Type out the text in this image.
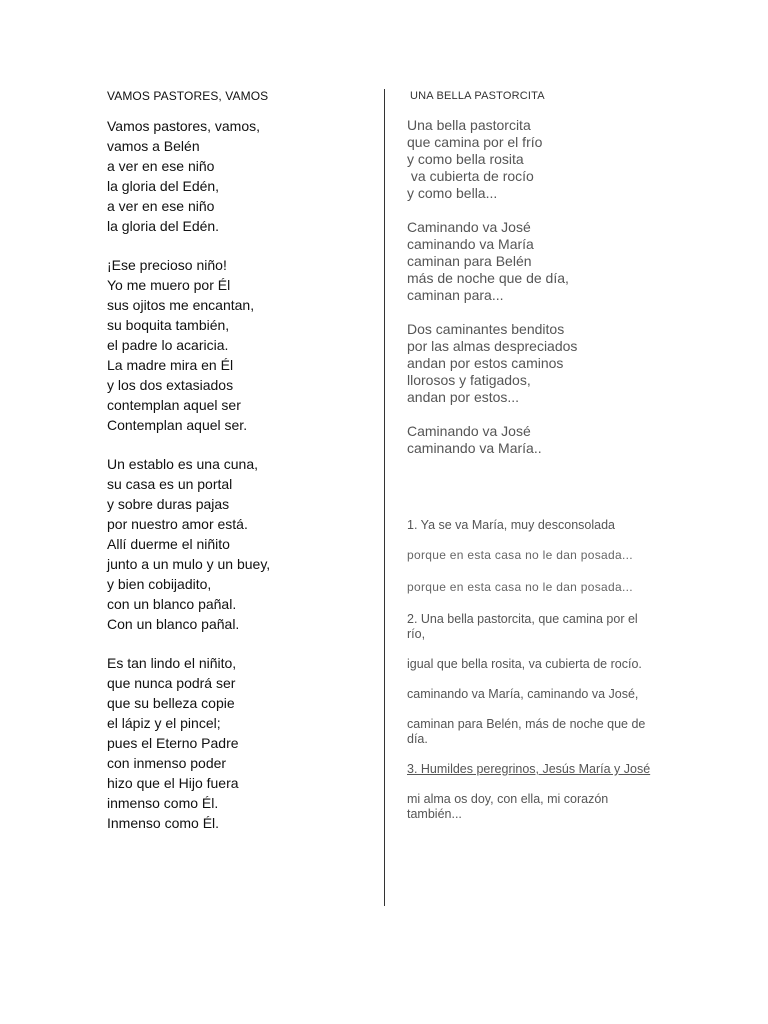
VAMOS PASTORES, VAMOS
Vamos pastores, vamos,
vamos a Belén
a ver en ese niño
la gloria del Edén,
a ver en ese niño
la gloria del Edén.
¡Ese precioso niño!
Yo me muero por Él
sus ojitos me encantan,
su boquita también,
el padre lo acaricia.
La madre mira en Él
y los dos extasiados
contemplan aquel ser
Contemplan aquel ser.
Un establo es una cuna,
su casa es un portal
y sobre duras pajas
por nuestro amor está.
Allí duerme el niñito
junto a un mulo y un buey,
y bien cobijadito,
con un blanco pañal.
Con un blanco pañal.
Es tan lindo el niñito,
que nunca podrá ser
que su belleza copie
el lápiz y el pincel;
pues el Eterno Padre
con inmenso poder
hizo que el Hijo fuera
inmenso como Él.
Inmenso como Él.
UNA BELLA PASTORCITA
Una bella pastorcita
que camina por el frío
y como bella rosita
va cubierta de rocío
y como bella...
Caminando va José
caminando va María
caminan para Belén
más de noche que de día,
caminan para...
Dos caminantes benditos
por las almas despreciados
andan por estos caminos
llorosos y fatigados,
andan por estos...
Caminando va José
caminando va María..
1. Ya se va María, muy desconsolada
porque en esta casa no le dan posada...
porque en esta casa no le dan posada...
2. Una bella pastorcita, que camina por el río,
igual que bella rosita, va cubierta de rocío.
caminando va María, caminando va José,
caminan para Belén, más de noche que de día.
3. Humildes peregrinos, Jesús María y José
mi alma os doy, con ella, mi corazón también...
